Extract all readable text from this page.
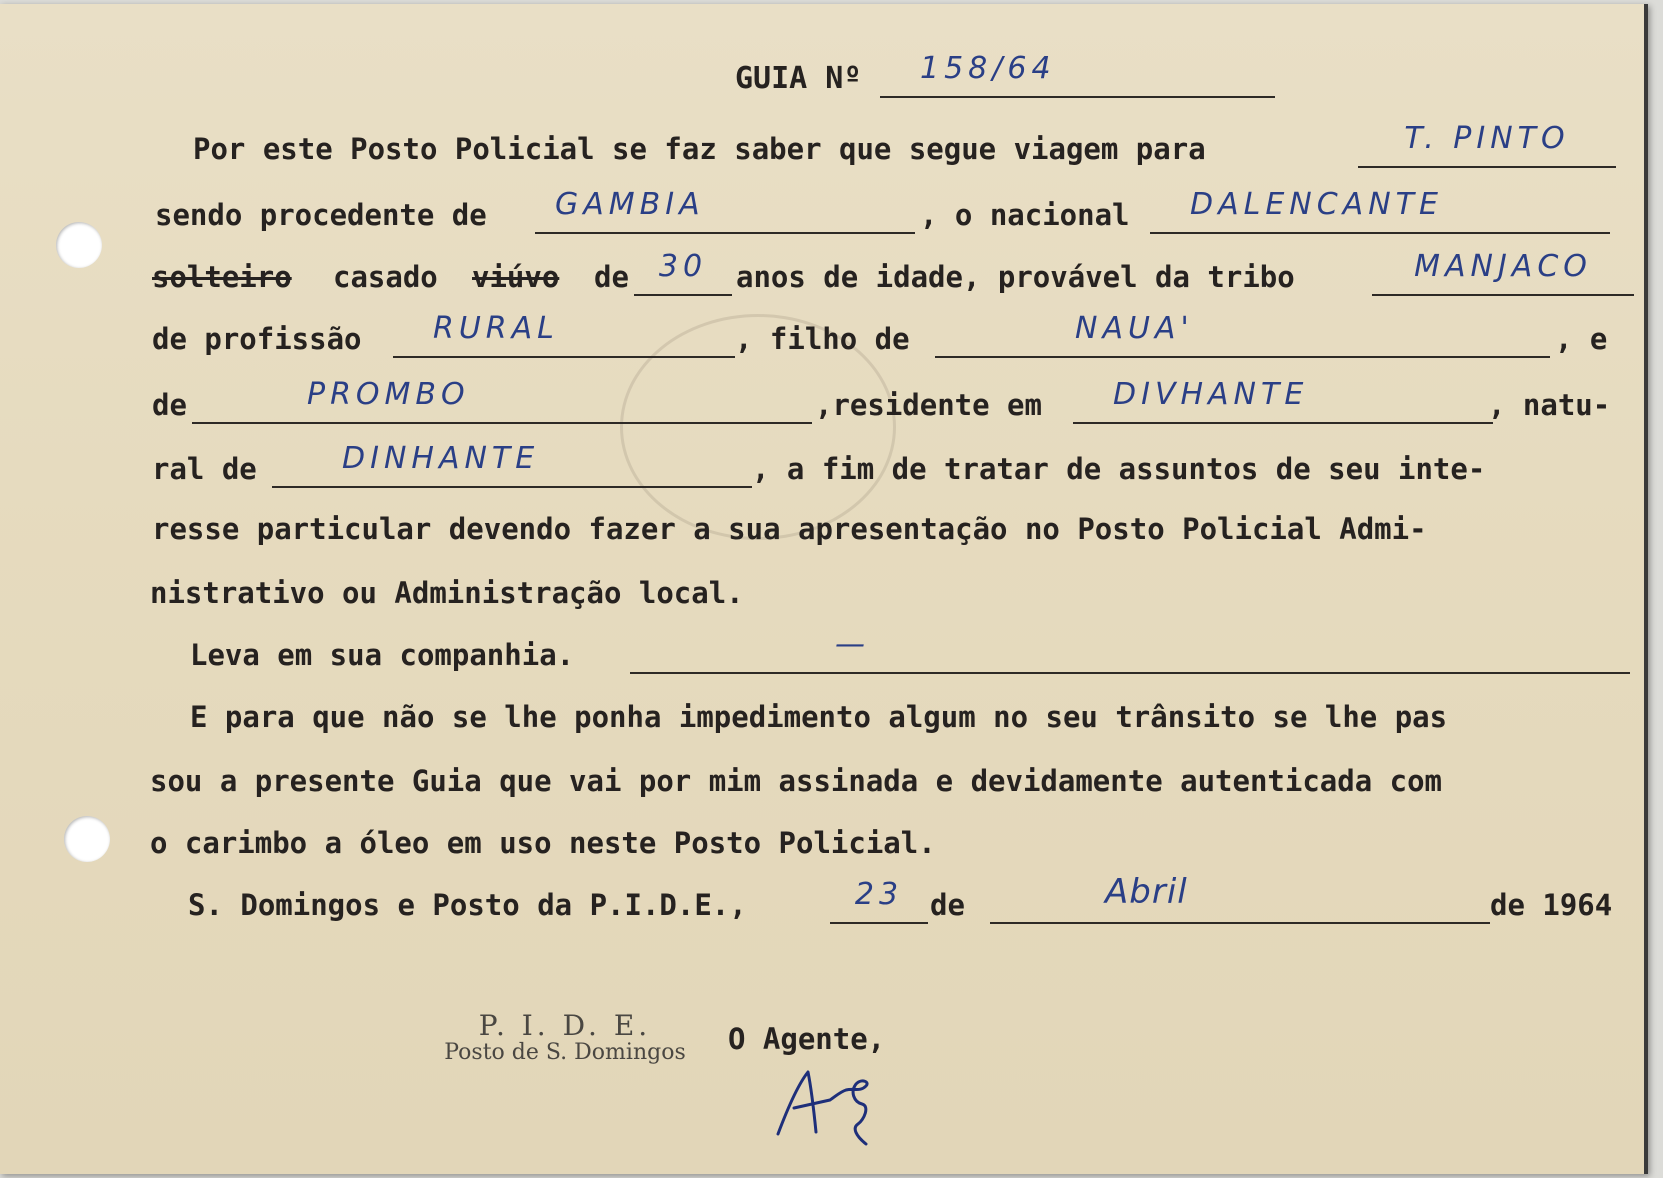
GUIA Nº 158/64
Por este Posto Policial se faz saber que segue viagem para	T. PINTO
sendo procedente de GAMBIA	, o nacional DALENCANTE
solteiro casado viúvo de 30 anos de idade, provável da tribo	MANJACO
de profissão RURAL	, filho de	NAUA'	, e
de	PROMBO	,residente em DIVHANTE	, natu-
ral de	DINHANTE	, a fim de tratar de assuntos de seu inte-
resse particular devendo fazer a sua apresentação no Posto Policial Admi-
nistrativo ou Administração local.
Leva em sua companhia.	—
E para que não se lhe ponha impedimento algum no seu trânsito se lhe pas
sou a presente Guia que vai por mim assinada e devidamente autenticada com
o carimbo a óleo em uso neste Posto Policial.
S. Domingos e Posto da P.I.D.E.,	23 de	Abril	de 1964
P. I. D. E.
Posto de S. Domingos	O Agente,
